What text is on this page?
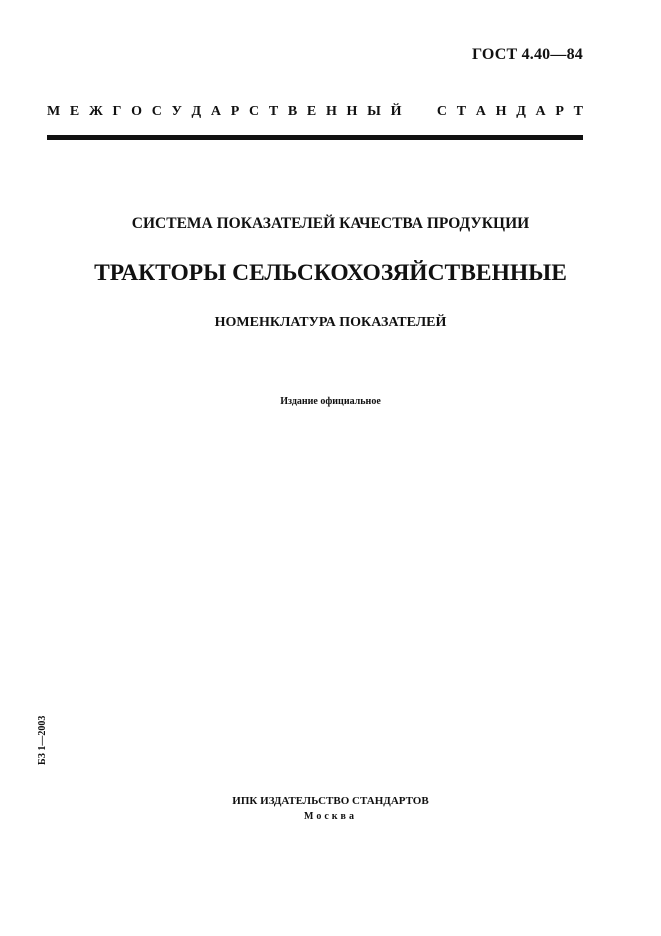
ГОСТ 4.40—84
М Е Ж Г О С У Д А Р С Т В Е Н Н Ы Й	С Т А Н Д А Р Т
СИСТЕМА ПОКАЗАТЕЛЕЙ КАЧЕСТВА ПРОДУКЦИИ
ТРАКТОРЫ СЕЛЬСКОХОЗЯЙСТВЕННЫЕ
НОМЕНКЛАТУРА ПОКАЗАТЕЛЕЙ
Издание официальное
БЗ 1—2003
ИПК ИЗДАТЕЛЬСТВО СТАНДАРТОВ
Москва
